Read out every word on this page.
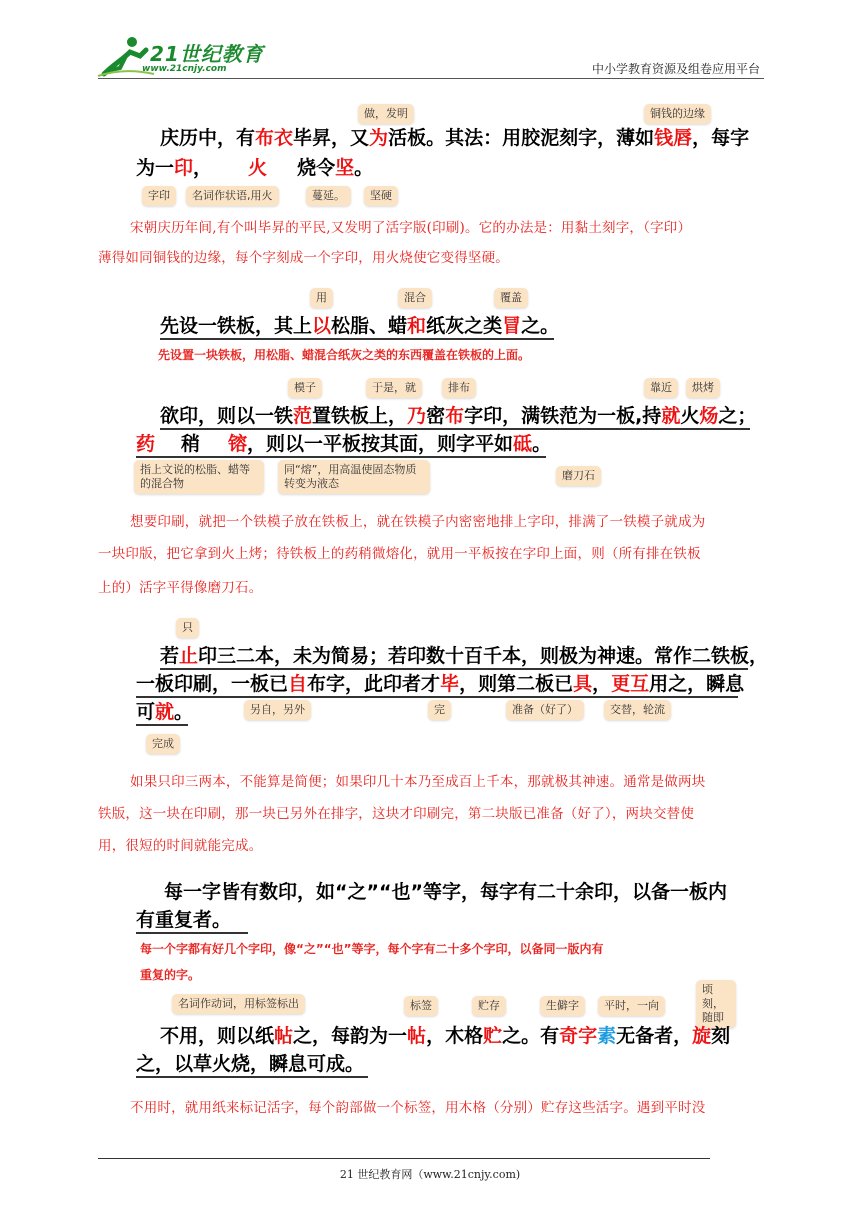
21世纪教育
www.21cnjy.com	中小学教育资源及组卷应用平台
做，发明	铜钱的边缘
庆历中，有布衣毕昇，又为活板。其法：用胶泥刻字，薄如钱唇，每字
为一印， 火 烧令坚。
字印	名词作状语,用火	蔓延。	坚硬
宋朝庆历年间,有个叫毕昇的平民,又发明了活字版(印刷)。它的办法是：用黏土刻字，（字印）
薄得如同铜钱的边缘，每个字刻成一个字印，用火烧使它变得坚硬。
用	混合	覆盖
先设一铁板，其上以松脂、蜡和纸灰之类冒之。
先设置一块铁板，用松脂、蜡混合纸灰之类的东西覆盖在铁板的上面。
模子	于是，就	排布	靠近	烘烤
欲印，则以一铁范置铁板上，乃密布字印，满铁范为一板,持就火炀之；
药 稍 镕，则以一平板按其面，则字平如砥。
指上文说的松脂、蜡等的混合物
同“熔”，用高温使固态物质转变为液态
磨刀石
想要印刷，就把一个铁模子放在铁板上，就在铁模子内密密地排上字印，排满了一铁模子就成为
一块印版，把它拿到火上烤；待铁板上的药稍微熔化，就用一平板按在字印上面，则（所有排在铁板
上的）活字平得像磨刀石。
只
若止印三二本，未为简易；若印数十百千本，则极为神速。常作二铁板，
一板印刷，一板已自布字，此印者才毕，则第二板已具，更互用之，瞬息
可就。	另自，另外	完	准备（好了）	交替，轮流
完成
如果只印三两本，不能算是简便；如果印几十本乃至成百上千本，那就极其神速。通常是做两块
铁版，这一块在印刷，那一块已另外在排字，这块才印刷完，第二块版已准备（好了），两块交替使
用，很短的时间就能完成。
每一字皆有数印，如“之”“也”等字，每字有二十余印，以备一板内
有重复者。
每一个字都有好几个字印，像“之”“也”等字，每个字有二十多个字印，以备同一版内有
重复的字。
名词作动词，用标签标出	标签	贮存	生僻字	平时，一向
顷刻，随即
不用，则以纸帖之，每韵为一帖，木格贮之。有奇字素无备者，旋刻
之，以草火烧，瞬息可成。
不用时，就用纸来标记活字，每个韵部做一个标签，用木格（分别）贮存这些活字。遇到平时没
21 世纪教育网（www.21cnjy.com)
